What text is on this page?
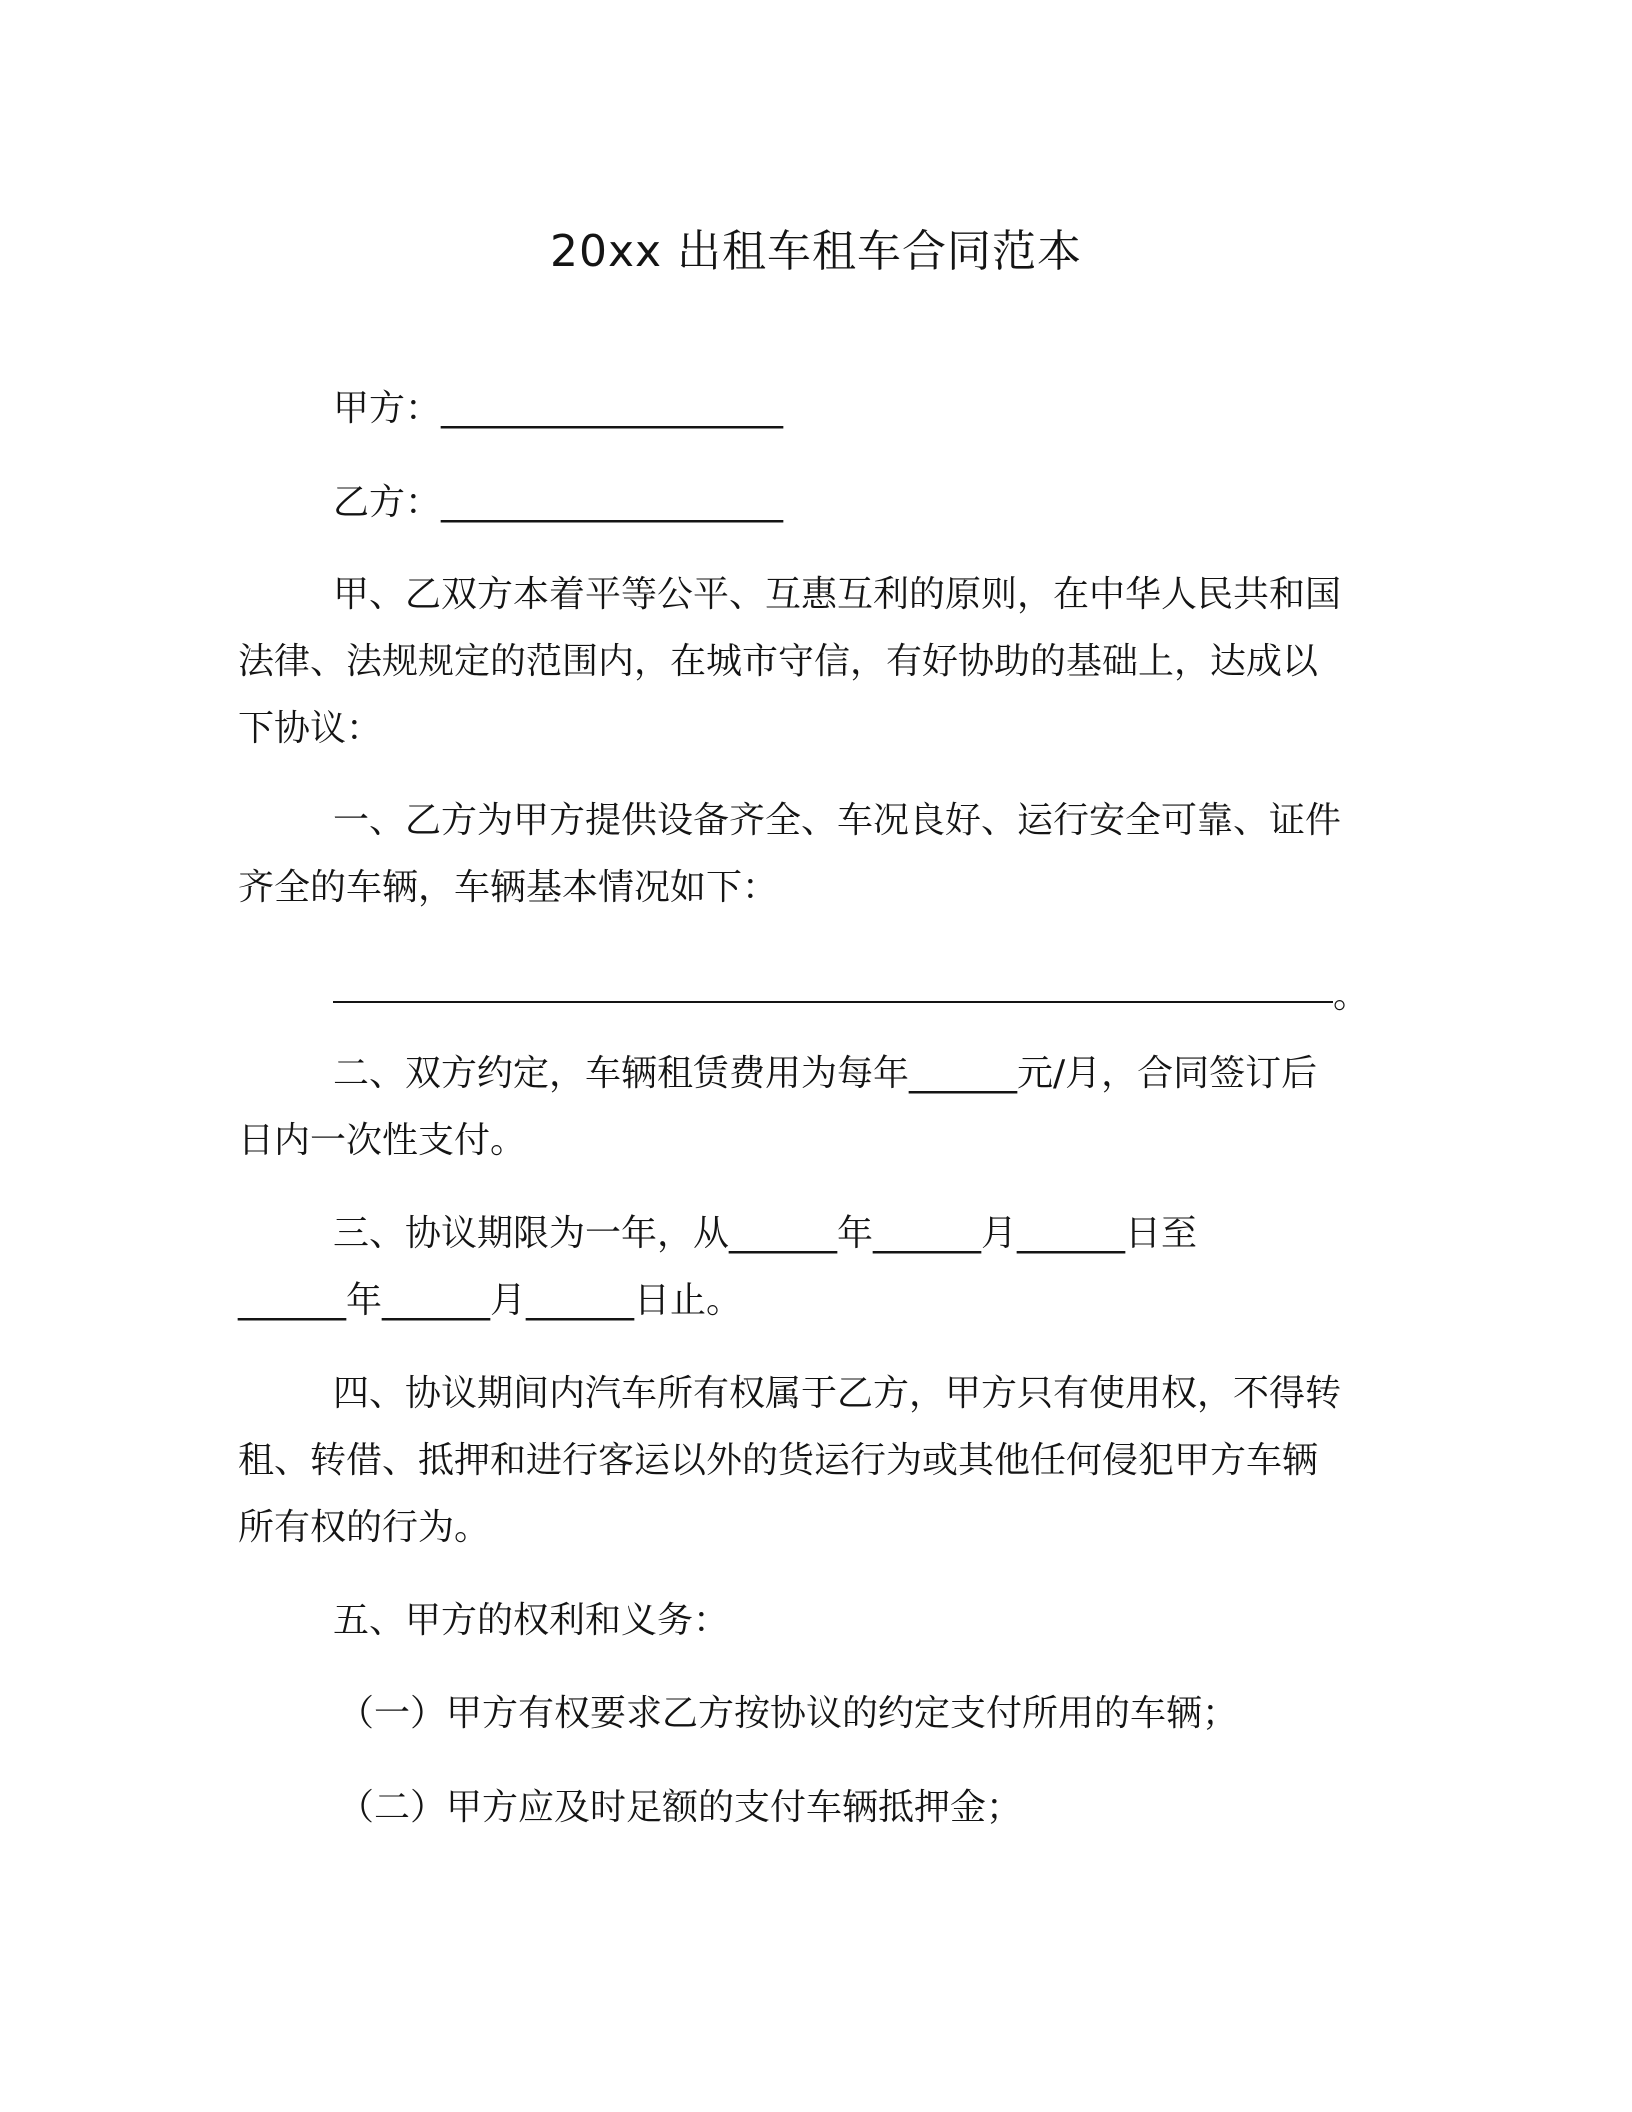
20xx 出租车租车合同范本

甲方：___________________

乙方：___________________

甲、乙双方本着平等公平、互惠互利的原则，在中华人民共和国

法律、法规规定的范围内，在城市守信，有好协助的基础上，达成以

下协议：

一、乙方为甲方提供设备齐全、车况良好、运行安全可靠、证件

齐全的车辆，车辆基本情况如下：

。

二、双方约定，车辆租赁费用为每年______元/月，合同签订后

日内一次性支付。

三、协议期限为一年，从______年______月______日至

______年______月______日止。

四、协议期间内汽车所有权属于乙方，甲方只有使用权，不得转

租、转借、抵押和进行客运以外的货运行为或其他任何侵犯甲方车辆

所有权的行为。

五、甲方的权利和义务：

（一）甲方有权要求乙方按协议的约定支付所用的车辆；

（二）甲方应及时足额的支付车辆抵押金；
